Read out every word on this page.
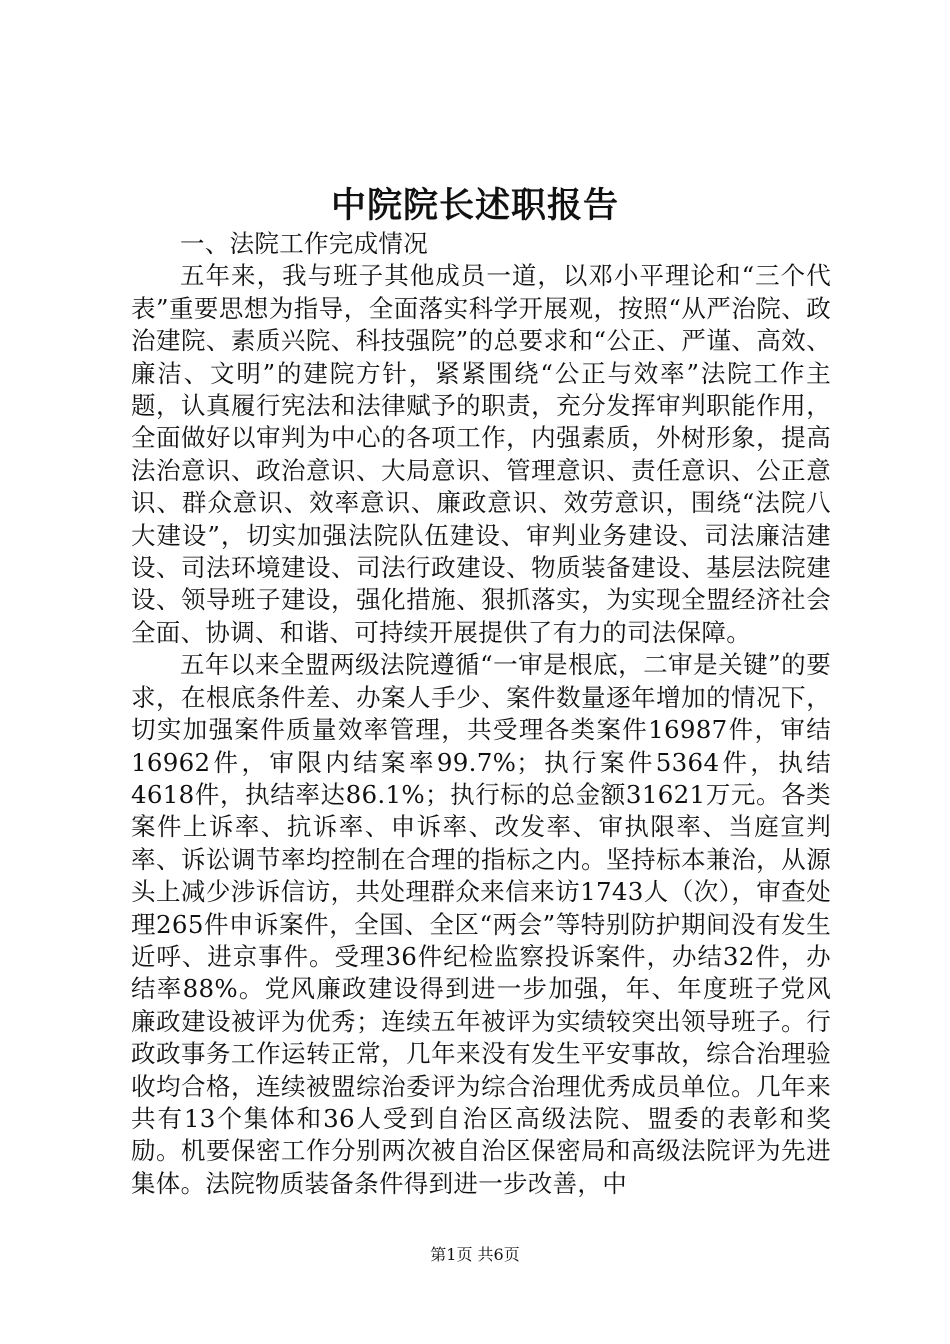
中院院长述职报告

一、法院工作完成情况

五年来，我与班子其他成员一道，以邓小平理论和“三个代表”重要思想为指导，全面落实科学开展观，按照“从严治院、政治建院、素质兴院、科技强院”的总要求和“公正、严谨、高效、廉洁、文明”的建院方针，紧紧围绕“公正与效率”法院工作主题，认真履行宪法和法律赋予的职责，充分发挥审判职能作用，全面做好以审判为中心的各项工作，内强素质，外树形象，提高法治意识、政治意识、大局意识、管理意识、责任意识、公正意识、群众意识、效率意识、廉政意识、效劳意识，围绕“法院八大建设”，切实加强法院队伍建设、审判业务建设、司法廉洁建设、司法环境建设、司法行政建设、物质装备建设、基层法院建设、领导班子建设，强化措施、狠抓落实，为实现全盟经济社会全面、协调、和谐、可持续开展提供了有力的司法保障。

五年以来全盟两级法院遵循“一审是根底，二审是关键”的要求，在根底条件差、办案人手少、案件数量逐年增加的情况下，切实加强案件质量效率管理，共受理各类案件16987件，审结16962件，审限内结案率99.7%；执行案件5364件，执结4618件，执结率达86.1%；执行标的总金额31621万元。各类案件上诉率、抗诉率、申诉率、改发率、审执限率、当庭宣判率、诉讼调节率均控制在合理的指标之内。坚持标本兼治，从源头上减少涉诉信访，共处理群众来信来访1743人（次），审查处理265件申诉案件，全国、全区“两会”等特别防护期间没有发生近呼、进京事件。受理36件纪检监察投诉案件，办结32件，办结率88%。党风廉政建设得到进一步加强，年、年度班子党风廉政建设被评为优秀；连续五年被评为实绩较突出领导班子。行政政事务工作运转正常，几年来没有发生平安事故，综合治理验收均合格，连续被盟综治委评为综合治理优秀成员单位。几年来共有13个集体和36人受到自治区高级法院、盟委的表彰和奖励。机要保密工作分别两次被自治区保密局和高级法院评为先进集体。法院物质装备条件得到进一步改善，中

第1页 共6页
